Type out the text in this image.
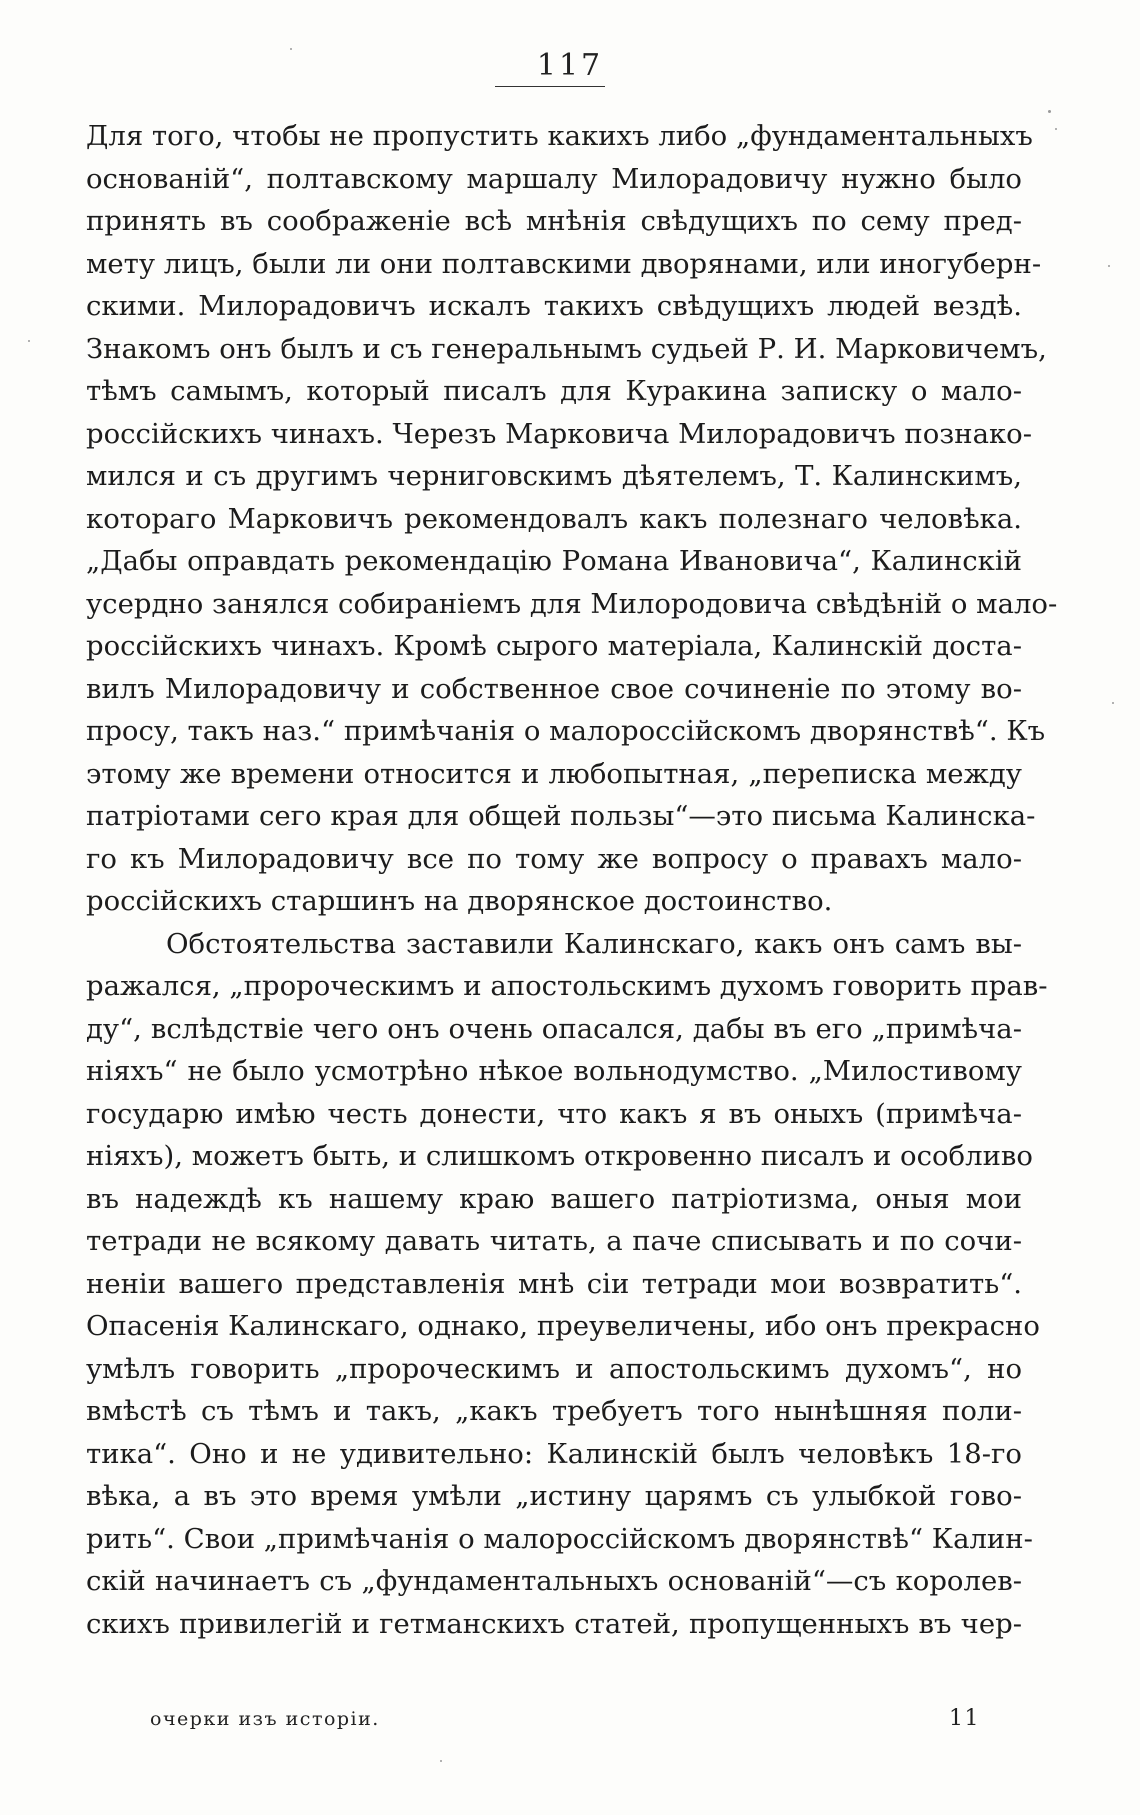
117
Для того, чтобы не пропустить какихъ либо „фундаментальныхъ
основаній“, полтавскому маршалу Милорадовичу нужно было
принять въ соображеніе всѣ мнѣнія свѣдущихъ по сему пред-
мету лицъ, были ли они полтавскими дворянами, или иногуберн-
скими. Милорадовичъ искалъ такихъ свѣдущихъ людей вездѣ.
Знакомъ онъ былъ и съ генеральнымъ судьей Р. И. Марковичемъ,
тѣмъ самымъ, который писалъ для Куракина записку о мало-
россійскихъ чинахъ. Черезъ Марковича Милорадовичъ познако-
мился и съ другимъ черниговскимъ дѣятелемъ, Т. Калинскимъ,
котораго Марковичъ рекомендовалъ какъ полезнаго человѣка.
„Дабы оправдать рекомендацію Романа Ивановича“, Калинскій
усердно занялся собираніемъ для Милородовича свѣдѣній о мало-
россійскихъ чинахъ. Кромѣ сырого матеріала, Калинскій доста-
вилъ Милорадовичу и собственное свое сочиненіе по этому во-
просу, такъ наз.“ примѣчанія о малороссійскомъ дворянствѣ“. Къ
этому же времени относится и любопытная, „переписка между
патріотами сего края для общей пользы“—это письма Калинска-
го къ Милорадовичу все по тому же вопросу о правахъ мало-
россійскихъ старшинъ на дворянское достоинство.
Обстоятельства заставили Калинскаго, какъ онъ самъ вы-
ражался, „пророческимъ и апостольскимъ духомъ говорить прав-
ду“, вслѣдствіе чего онъ очень опасался, дабы въ его „примѣча-
ніяхъ“ не было усмотрѣно нѣкое вольнодумство. „Милостивому
государю имѣю честь донести, что какъ я въ оныхъ (примѣча-
ніяхъ), можетъ быть, и слишкомъ откровенно писалъ и особливо
въ надеждѣ къ нашему краю вашего патріотизма, оныя мои
тетради не всякому давать читать, а паче списывать и по сочи-
неніи вашего представленія мнѣ сіи тетради мои возвратить“.
Опасенія Калинскаго, однако, преувеличены, ибо онъ прекрасно
умѣлъ говорить „пророческимъ и апостольскимъ духомъ“, но
вмѣстѣ съ тѣмъ и такъ, „какъ требуетъ того нынѣшняя поли-
тика“. Оно и не удивительно: Калинскій былъ человѣкъ 18-го
вѣка, а въ это время умѣли „истину царямъ съ улыбкой гово-
рить“. Свои „примѣчанія о малороссійскомъ дворянствѣ“ Калин-
скій начинаетъ съ „фундаментальныхъ основаній“—съ королев-
скихъ привилегій и гетманскихъ статей, пропущенныхъ въ чер-
очерки изъ исторіи.	11
